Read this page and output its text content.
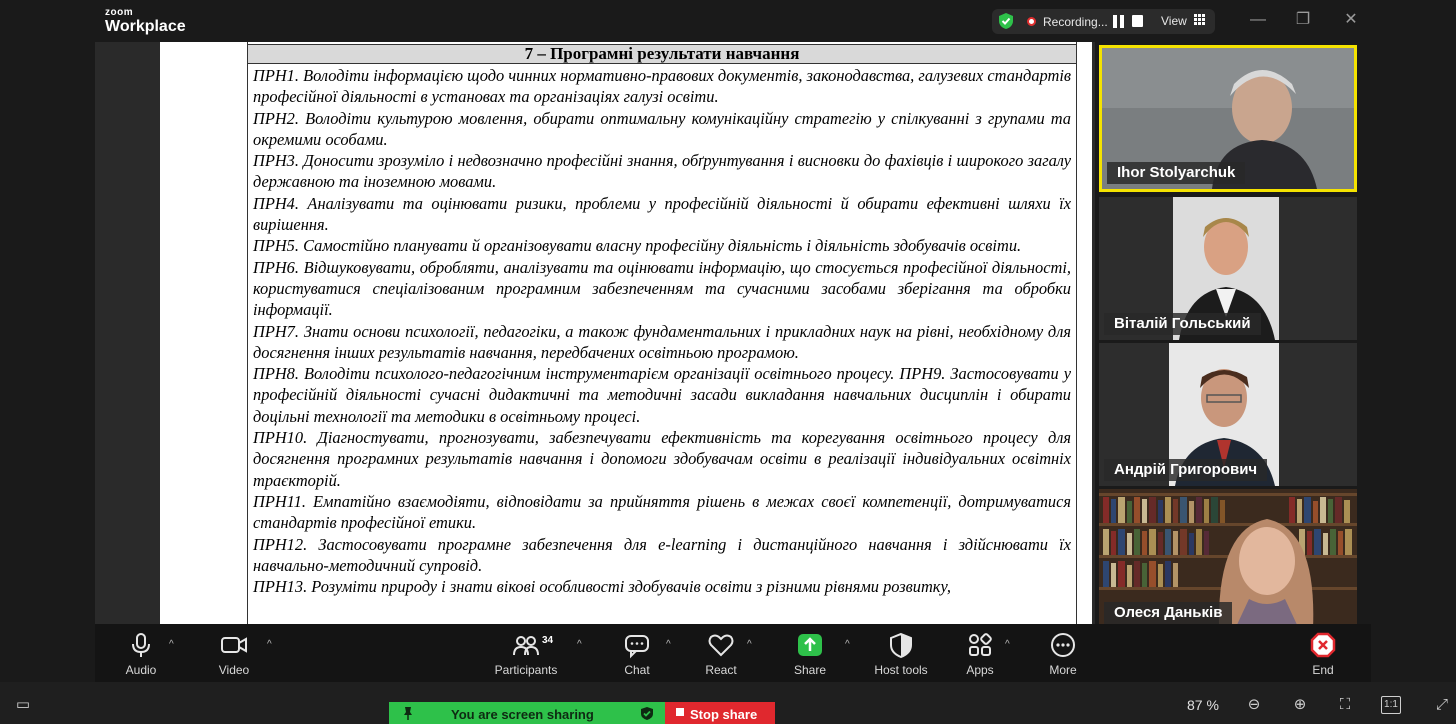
zoom
Workplace	Recording...	View	— ❐ ✕
7 – Програмні результати навчання

ПРН1. Володіти інформацією щодо чинних нормативно-правових документів, законодавства, галузевих стандартів професійної діяльності в установах та організаціях галузі освіти.

ПРН2. Володіти культурою мовлення, обирати оптимальну комунікаційну стратегію у спілкуванні з групами та окремими особами.

ПРН3. Доносити зрозуміло і недвозначно професійні знання, обґрунтування і висновки до фахівців і широкого загалу державною та іноземною мовами.

ПРН4. Аналізувати та оцінювати ризики, проблеми у професійній діяльності й обирати ефективні шляхи їх вирішення.

ПРН5. Самостійно планувати й організовувати власну професійну діяльність і діяльність здобувачів освіти.

ПРН6. Відшуковувати, обробляти, аналізувати та оцінювати інформацію, що стосується професійної діяльності, користуватися спеціалізованим програмним забезпеченням та сучасними засобами зберігання та обробки інформації.

ПРН7. Знати основи психології, педагогіки, а також фундаментальних і прикладних наук на рівні, необхідному для досягнення інших результатів навчання, передбачених освітньою програмою.

ПРН8. Володіти психолого-педагогічним інструментарієм організації освітнього процесу. ПРН9. Застосовувати у професійній діяльності сучасні дидактичні та методичні засади викладання навчальних дисциплін і обирати доцільні технології та методики в освітньому процесі.

ПРН10. Діагностувати, прогнозувати, забезпечувати ефективність та корегування освітнього процесу для досягнення програмних результатів навчання і допомоги здобувачам освіти в реалізації індивідуальних освітніх траєкторій.

ПРН11. Емпатійно взаємодіяти, відповідати за прийняття рішень в межах своєї компетенції, дотримуватися стандартів професійної етики.

ПРН12. Застосовувати програмне забезпечення для e-learning і дистанційного навчання і здійснювати їх навчально-методичний супровід.

ПРН13. Розуміти природу і знати вікові особливості здобувачів освіти з різними рівнями розвитку,

Ihor Stolyarchuk
Віталій Гольський
Андрій Григорович
Олеся Даньків
Audio
^
Video
^
Participants
34 ^
Chat
^
React
^
Share
^
Host tools	Apps
^
More	End
▭
You are screen sharing	Stop share
87 % ⊖ ⊕	⛶	1:1	⤢
